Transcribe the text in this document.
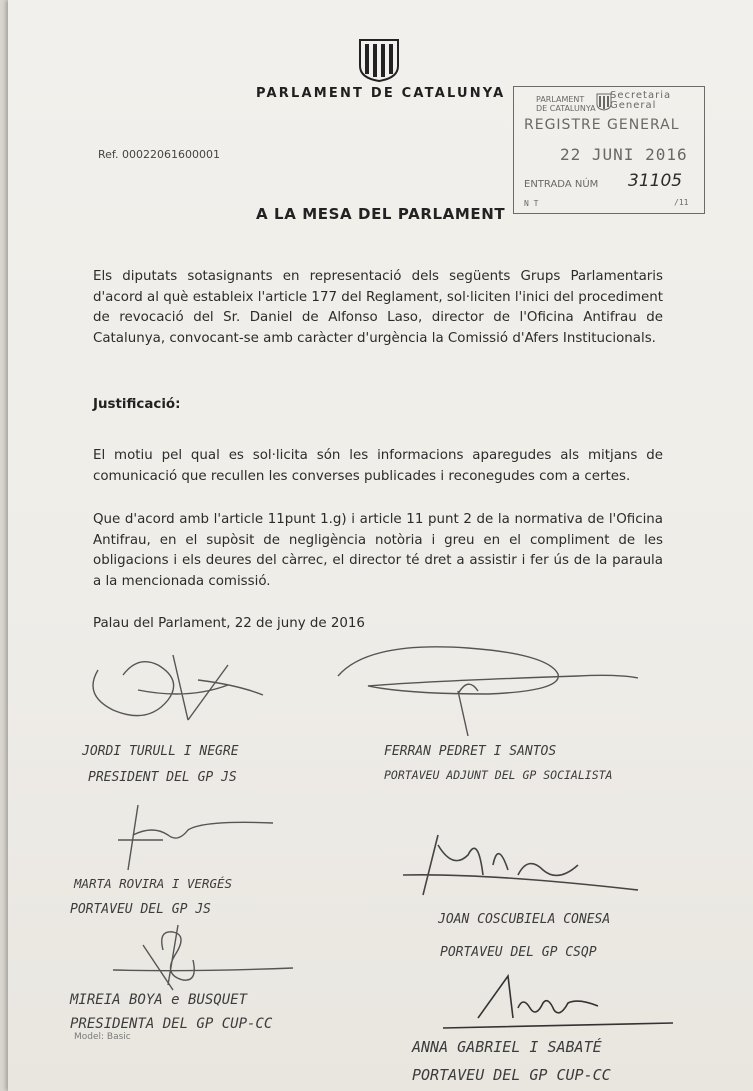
PARLAMENT DE CATALUNYA
Ref. 00022061600001
PARLAMENT
DE CATALUNYA
Secretaria
General
REGISTRE GENERAL
22 JUNI 2016
ENTRADA NÚM 31105
N T	/11
A LA MESA DEL PARLAMENT
Els diputats sotasignants en representació dels següents Grups Parlamentaris d'acord al què estableix l'article 177 del Reglament, sol·liciten l'inici del procediment de revocació del Sr. Daniel de Alfonso Laso, director de l'Oficina Antifrau de Catalunya, convocant-se amb caràcter d'urgència la Comissió d'Afers Institucionals.
Justificació:
El motiu pel qual es sol·licita són les informacions aparegudes als mitjans de comunicació que recullen les converses publicades i reconegudes com a certes.
Que d'acord amb l'article 11punt 1.g) i article 11 punt 2 de la normativa de l'Oficina Antifrau, en el supòsit de negligència notòria i greu en el compliment de les obligacions i els deures del càrrec, el director té dret a assistir i fer ús de la paraula a la mencionada comissió.
Palau del Parlament, 22 de juny de 2016
JORDI TURULL I NEGRE
PRESIDENT DEL GP JS
FERRAN PEDRET I SANTOS
PORTAVEU ADJUNT DEL GP SOCIALISTA
MARTA ROVIRA I VERGÉS
PORTAVEU DEL GP JS
JOAN COSCUBIELA CONESA
PORTAVEU DEL GP CSQP
MIREIA BOYA e BUSQUET
PRESIDENTA DEL GP CUP-CC
Model: Basic
ANNA GABRIEL I SABATÉ
PORTAVEU DEL GP CUP-CC
